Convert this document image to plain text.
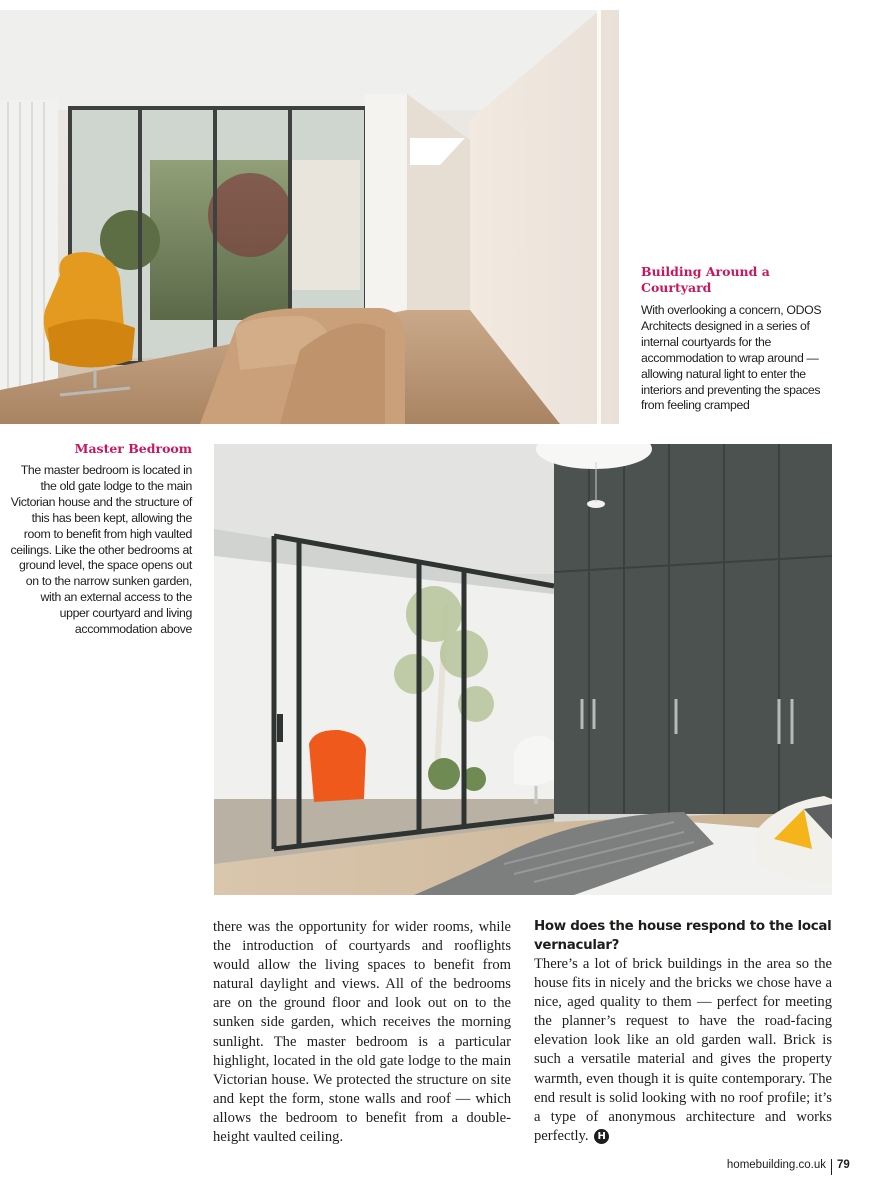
Building Around a Courtyard
With overlooking a concern, ODOS Architects designed in a series of internal courtyards for the accommodation to wrap around — allowing natural light to enter the interiors and preventing the spaces from feeling cramped
Master Bedroom
The master bedroom is located in the old gate lodge to the main Victorian house and the structure of this has been kept, allowing the room to benefit from high vaulted ceilings. Like the other bedrooms at ground level, the space opens out on to the narrow sunken garden, with an external access to the upper courtyard and living accommodation above
there was the opportunity for wider rooms, while the introduction of courtyards and rooflights would allow the living spaces to benefit from natural daylight and views. All of the bedrooms are on the ground floor and look out on to the sunken side garden, which receives the morning sunlight. The master bedroom is a particular highlight, located in the old gate lodge to the main Victorian house. We protected the structure on site and kept the form, stone walls and roof — which allows the bedroom to benefit from a double-height vaulted ceiling.
How does the house respond to the local vernacular?
There’s a lot of brick buildings in the area so the house fits in nicely and the bricks we chose have a nice, aged quality to them — perfect for meeting the planner’s request to have the road-facing elevation look like an old garden wall. Brick is such a versatile material and gives the property warmth, even though it is quite contemporary. The end result is solid looking with no roof profile; it’s a type of anonymous architecture and works perfectly. H
homebuilding.co.uk 79
